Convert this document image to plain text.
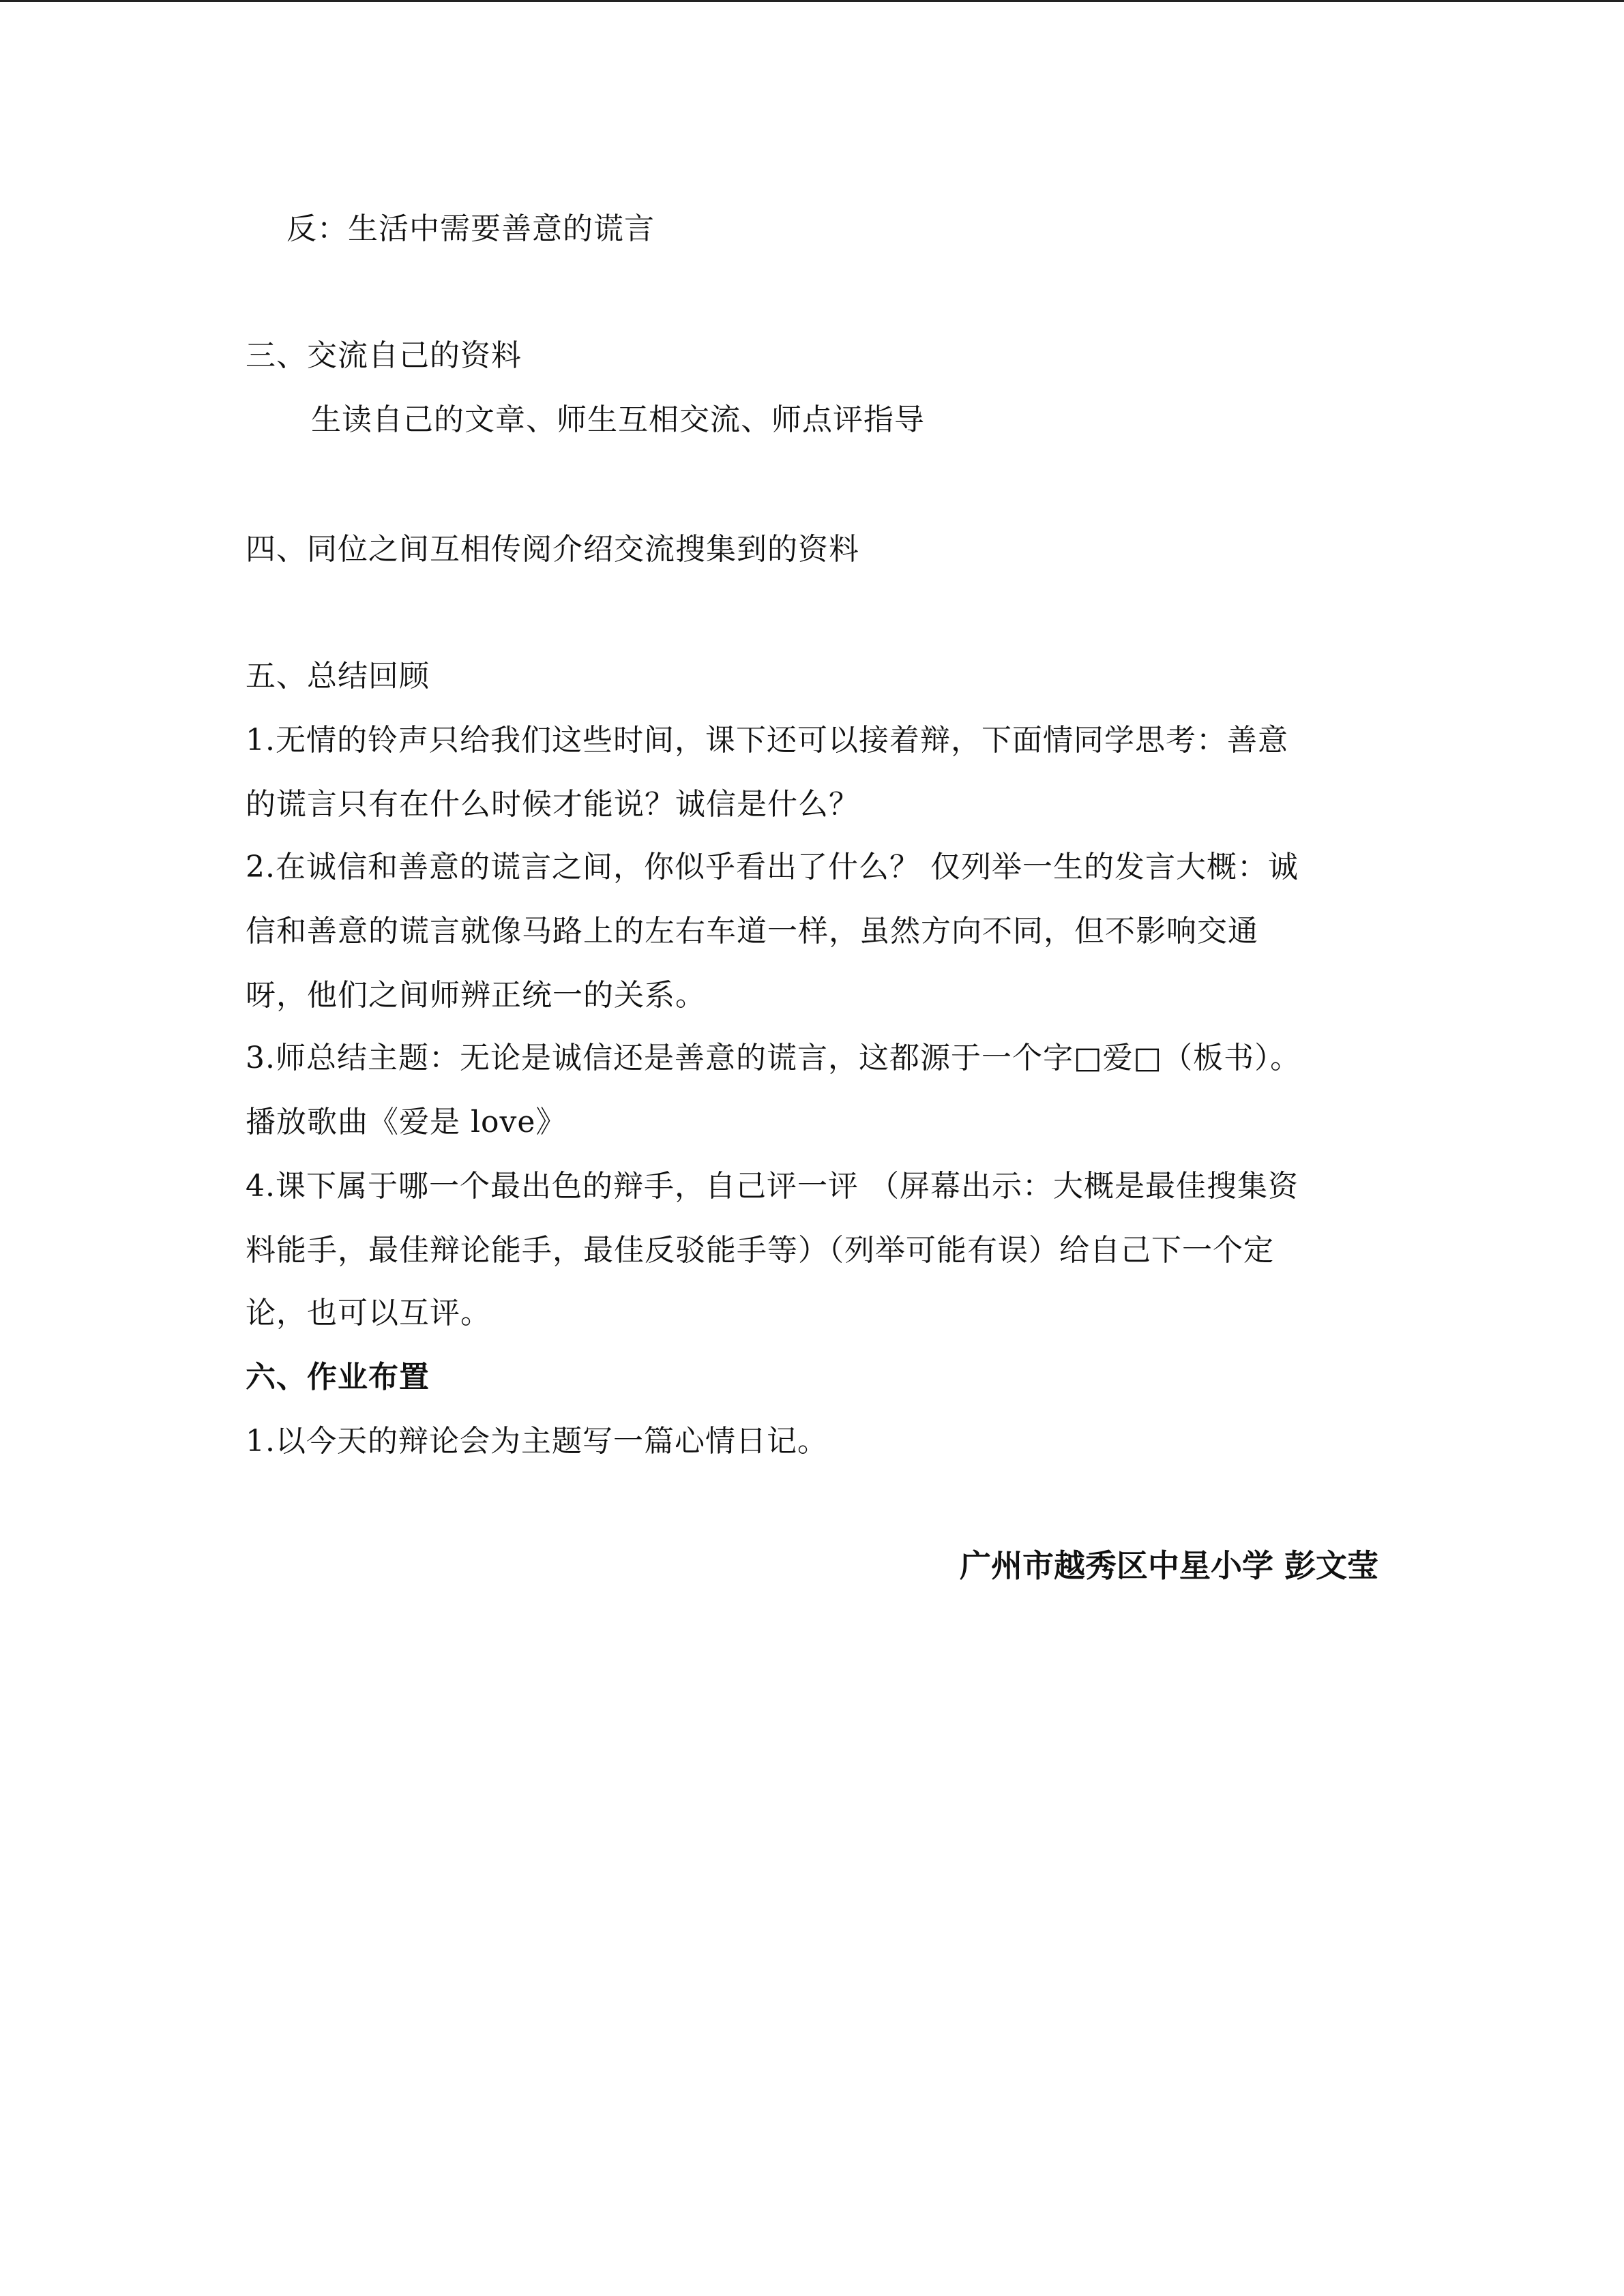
反：生活中需要善意的谎言
三、交流自己的资料
生读自己的文章、师生互相交流、师点评指导
四、同位之间互相传阅介绍交流搜集到的资料
五、总结回顾
1.无情的铃声只给我们这些时间，课下还可以接着辩，下面情同学思考：善意
的谎言只有在什么时候才能说？诚信是什么？
2.在诚信和善意的谎言之间，你似乎看出了什么？ 仅列举一生的发言大概：诚
信和善意的谎言就像马路上的左右车道一样，虽然方向不同，但不影响交通
呀，他们之间师辨正统一的关系。
3.师总结主题：无论是诚信还是善意的谎言，这都源于一个字□爱□（板书）。
播放歌曲《爱是 love》
4.课下属于哪一个最出色的辩手，自己评一评 （屏幕出示：大概是最佳搜集资
料能手，最佳辩论能手，最佳反驳能手等）（列举可能有误）给自己下一个定
论，也可以互评。
六、作业布置
1.以今天的辩论会为主题写一篇心情日记。
广州市越秀区中星小学 彭文莹
